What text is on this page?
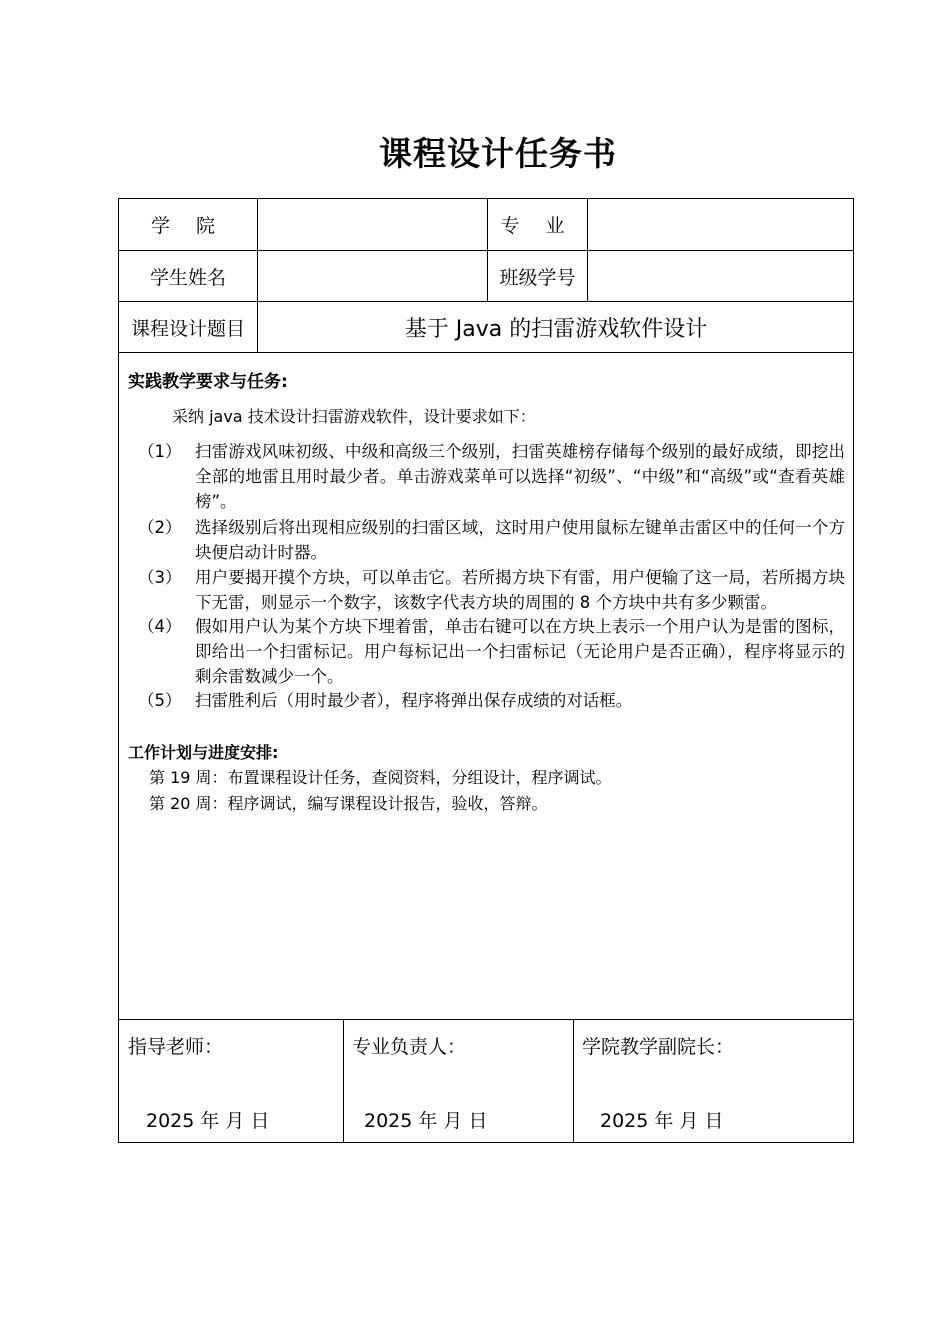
课程设计任务书
学 院	专 业
学生姓名	班级学号
课程设计题目	基于 Java 的扫雷游戏软件设计
实践教学要求与任务:
采纳 java 技术设计扫雷游戏软件，设计要求如下：
（1） 扫雷游戏风味初级、中级和高级三个级别，扫雷英雄榜存储每个级别的最好成绩，即挖出全部的地雷且用时最少者。单击游戏菜单可以选择“初级”、“中级”和“高级”或“查看英雄榜”。
（2） 选择级别后将出现相应级别的扫雷区域，这时用户使用鼠标左键单击雷区中的任何一个方块便启动计时器。
（3） 用户要揭开摸个方块，可以单击它。若所揭方块下有雷，用户便输了这一局，若所揭方块下无雷，则显示一个数字，该数字代表方块的周围的 8 个方块中共有多少颗雷。
（4） 假如用户认为某个方块下埋着雷，单击右键可以在方块上表示一个用户认为是雷的图标，即给出一个扫雷标记。用户每标记出一个扫雷标记（无论用户是否正确），程序将显示的剩余雷数减少一个。
（5） 扫雷胜利后（用时最少者），程序将弹出保存成绩的对话框。
工作计划与进度安排:
第 19 周：布置课程设计任务，查阅资料，分组设计，程序调试。
第 20 周：程序调试，编写课程设计报告，验收，答辩。
指导老师：
2025 年 月 日
专业负责人：
2025 年 月 日
学院教学副院长：
2025 年 月 日
